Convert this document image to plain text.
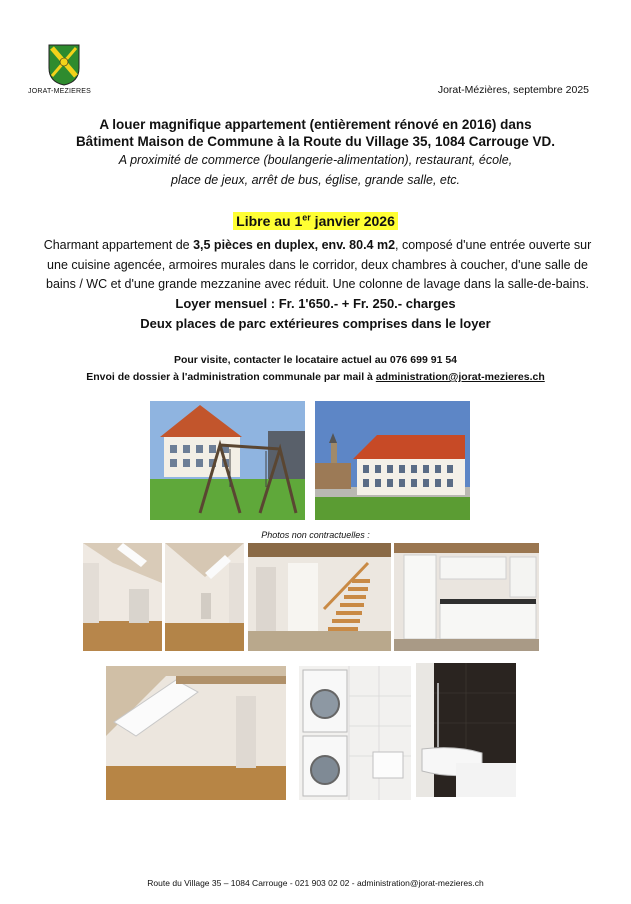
JORAT-MEZIERES	Jorat-Mézières, septembre 2025
A louer magnifique appartement (entièrement rénové en 2016) dans
Bâtiment Maison de Commune à la Route du Village 35, 1084 Carrouge VD.
A proximité de commerce (boulangerie-alimentation), restaurant, école,
place de jeux, arrêt de bus, église, grande salle, etc.
Libre au 1er janvier 2026
Charmant appartement de 3,5 pièces en duplex, env. 80.4 m2, composé d'une entrée ouverte sur une cuisine agencée, armoires murales dans le corridor, deux chambres à coucher, d'une salle de bains / WC et d'une grande mezzanine avec réduit. Une colonne de lavage dans la salle-de-bains.
Loyer mensuel : Fr. 1'650.- + Fr. 250.- charges
Deux places de parc extérieures comprises dans le loyer
Pour visite, contacter le locataire actuel au 076 699 91 54
Envoi de dossier à l'administration communale par mail à administration@jorat-mezieres.ch
Photos non contractuelles :
Route du Village 35 – 1084 Carrouge - 021 903 02 02 - administration@jorat-mezieres.ch
